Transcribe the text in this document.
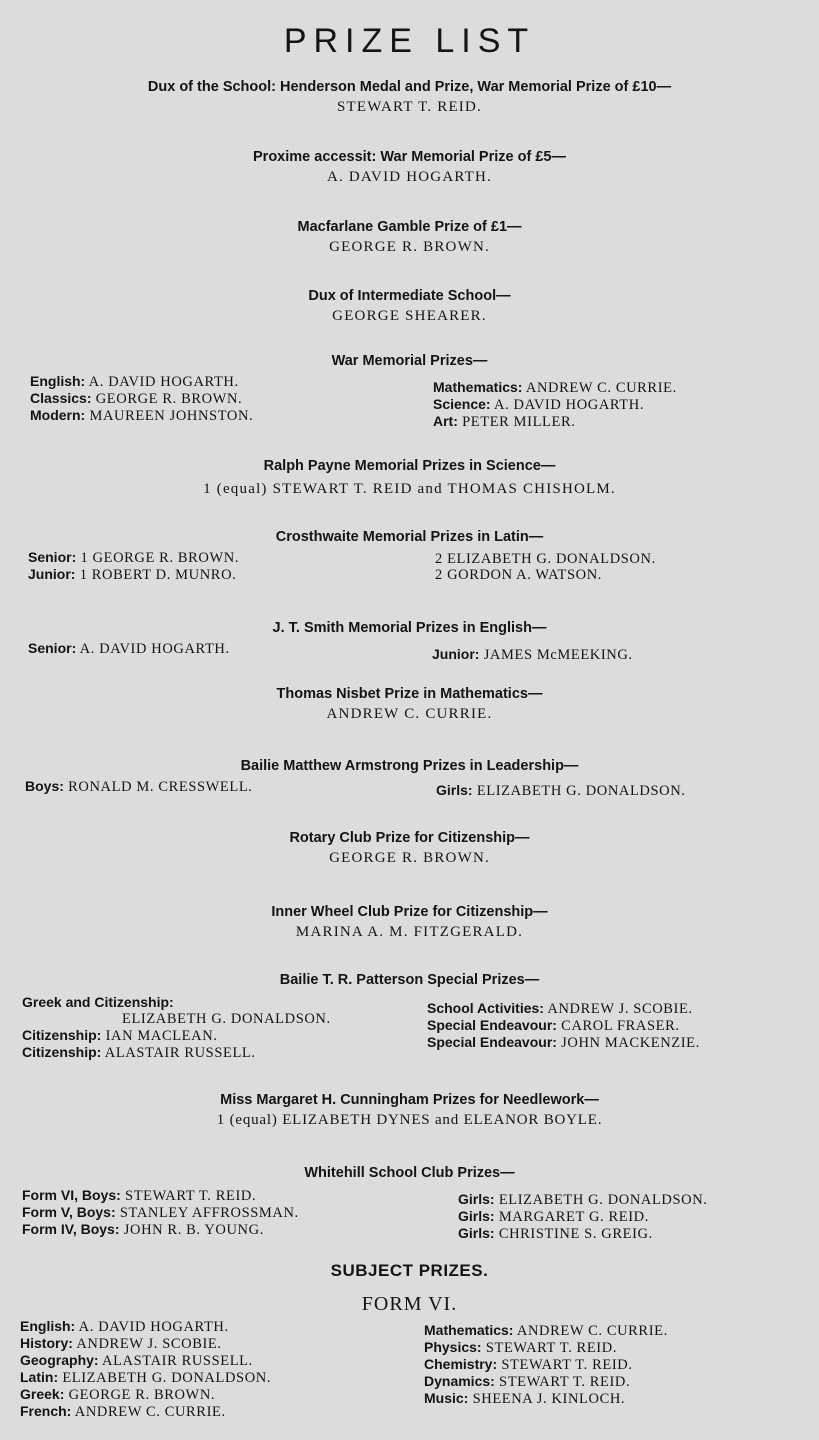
PRIZE LIST
Dux of the School: Henderson Medal and Prize, War Memorial Prize of £10—
STEWART T. REID.
Proxime accessit: War Memorial Prize of £5—
A. DAVID HOGARTH.
Macfarlane Gamble Prize of £1—
GEORGE R. BROWN.
Dux of Intermediate School—
GEORGE SHEARER.
War Memorial Prizes—
English: A. DAVID HOGARTH.
Classics: GEORGE R. BROWN.
Modern: MAUREEN JOHNSTON.
Mathematics: ANDREW C. CURRIE.
Science: A. DAVID HOGARTH.
Art: PETER MILLER.
Ralph Payne Memorial Prizes in Science—
1 (equal) STEWART T. REID and THOMAS CHISHOLM.
Crosthwaite Memorial Prizes in Latin—
Senior: 1 GEORGE R. BROWN.
Junior: 1 ROBERT D. MUNRO.
2 ELIZABETH G. DONALDSON.
2 GORDON A. WATSON.
J. T. Smith Memorial Prizes in English—
Senior: A. DAVID HOGARTH.	Junior: JAMES McMEEKING.
Thomas Nisbet Prize in Mathematics—
ANDREW C. CURRIE.
Bailie Matthew Armstrong Prizes in Leadership—
Boys: RONALD M. CRESSWELL.	Girls: ELIZABETH G. DONALDSON.
Rotary Club Prize for Citizenship—
GEORGE R. BROWN.
Inner Wheel Club Prize for Citizenship—
MARINA A. M. FITZGERALD.
Bailie T. R. Patterson Special Prizes—
Greek and Citizenship:
ELIZABETH G. DONALDSON.
Citizenship: IAN MACLEAN.
Citizenship: ALASTAIR RUSSELL.
School Activities: ANDREW J. SCOBIE.
Special Endeavour: CAROL FRASER.
Special Endeavour: JOHN MACKENZIE.
Miss Margaret H. Cunningham Prizes for Needlework—
1 (equal) ELIZABETH DYNES and ELEANOR BOYLE.
Whitehill School Club Prizes—
Form VI, Boys: STEWART T. REID.
Form V, Boys: STANLEY AFFROSSMAN.
Form IV, Boys: JOHN R. B. YOUNG.
Girls: ELIZABETH G. DONALDSON.
Girls: MARGARET G. REID.
Girls: CHRISTINE S. GREIG.
SUBJECT PRIZES.
FORM VI.
English: A. DAVID HOGARTH.
History: ANDREW J. SCOBIE.
Geography: ALASTAIR RUSSELL.
Latin: ELIZABETH G. DONALDSON.
Greek: GEORGE R. BROWN.
French: ANDREW C. CURRIE.
Mathematics: ANDREW C. CURRIE.
Physics: STEWART T. REID.
Chemistry: STEWART T. REID.
Dynamics: STEWART T. REID.
Music: SHEENA J. KINLOCH.
